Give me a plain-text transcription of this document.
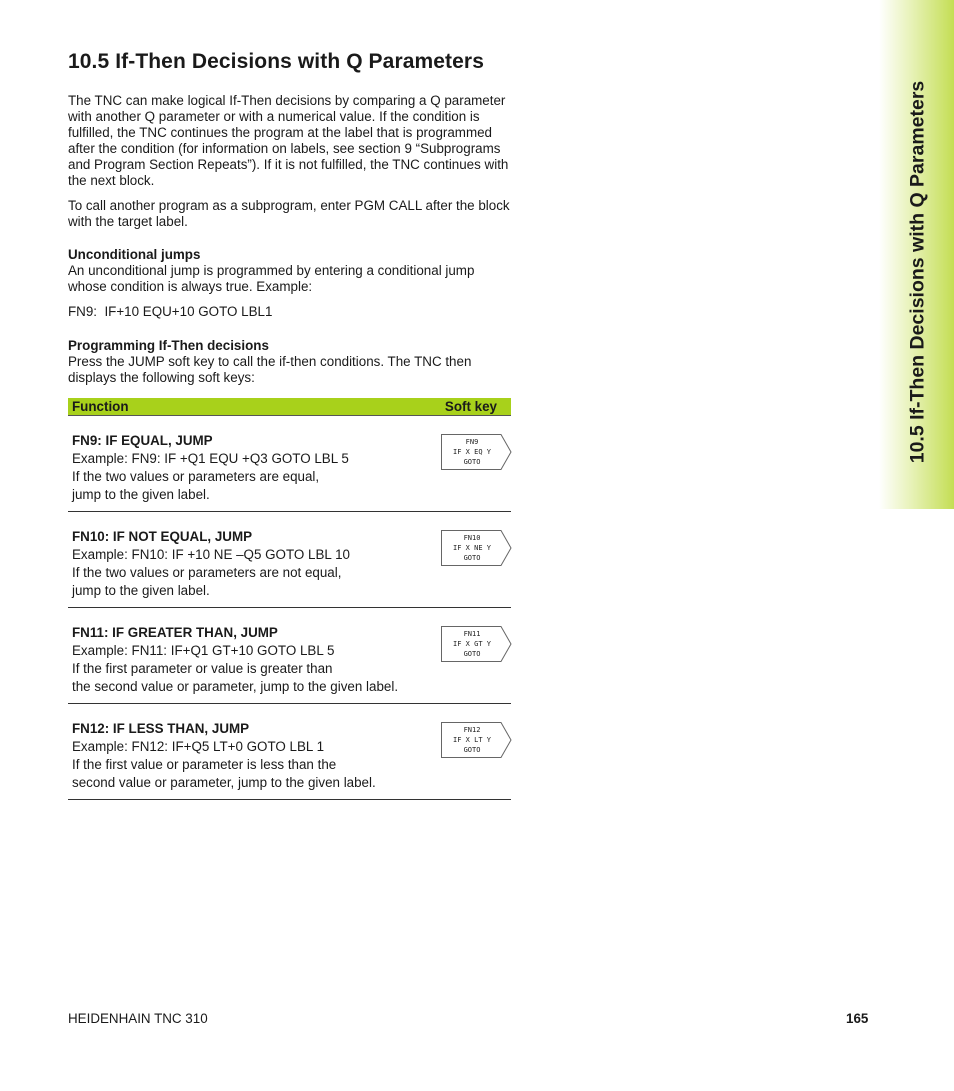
10.5 If-Then Decisions with Q Parameters
10.5 If-Then Decisions with Q Parameters

The TNC can make logical If-Then decisions by comparing a Q parameter with another Q parameter or with a numerical value. If the condition is fulfilled, the TNC continues the program at the label that is programmed after the condition (for information on labels, see section 9 “Subprograms and Program Section Repeats”). If it is not fulfilled, the TNC continues with the next block.

To call another program as a subprogram, enter PGM CALL after the block with the target label.

Unconditional jumps

An unconditional jump is programmed by entering a conditional jump whose condition is always true. Example:

FN9:  IF+10 EQU+10 GOTO LBL1

Programming If-Then decisions

Press the JUMP soft key to call the if-then conditions. The TNC then displays the following soft keys:

Function	Soft key
FN9: IF EQUAL, JUMP
Example: FN9: IF +Q1 EQU +Q3 GOTO LBL 5
If the two values or parameters are equal,
jump to the given label.
FN9
IF X EQ Y
GOTO
FN10: IF NOT EQUAL, JUMP
Example: FN10: IF +10 NE –Q5 GOTO LBL 10
If the two values or parameters are not equal,
jump to the given label.
FN10
IF X NE Y
GOTO
FN11: IF GREATER THAN, JUMP
Example: FN11: IF+Q1 GT+10 GOTO LBL 5
If the first parameter or value is greater than
the second value or parameter, jump to the given label.
FN11
IF X GT Y
GOTO
FN12: IF LESS THAN, JUMP
Example: FN12: IF+Q5 LT+0 GOTO LBL 1
If the first value or parameter is less than the
second value or parameter, jump to the given label.
FN12
IF X LT Y
GOTO
HEIDENHAIN TNC 310	165
